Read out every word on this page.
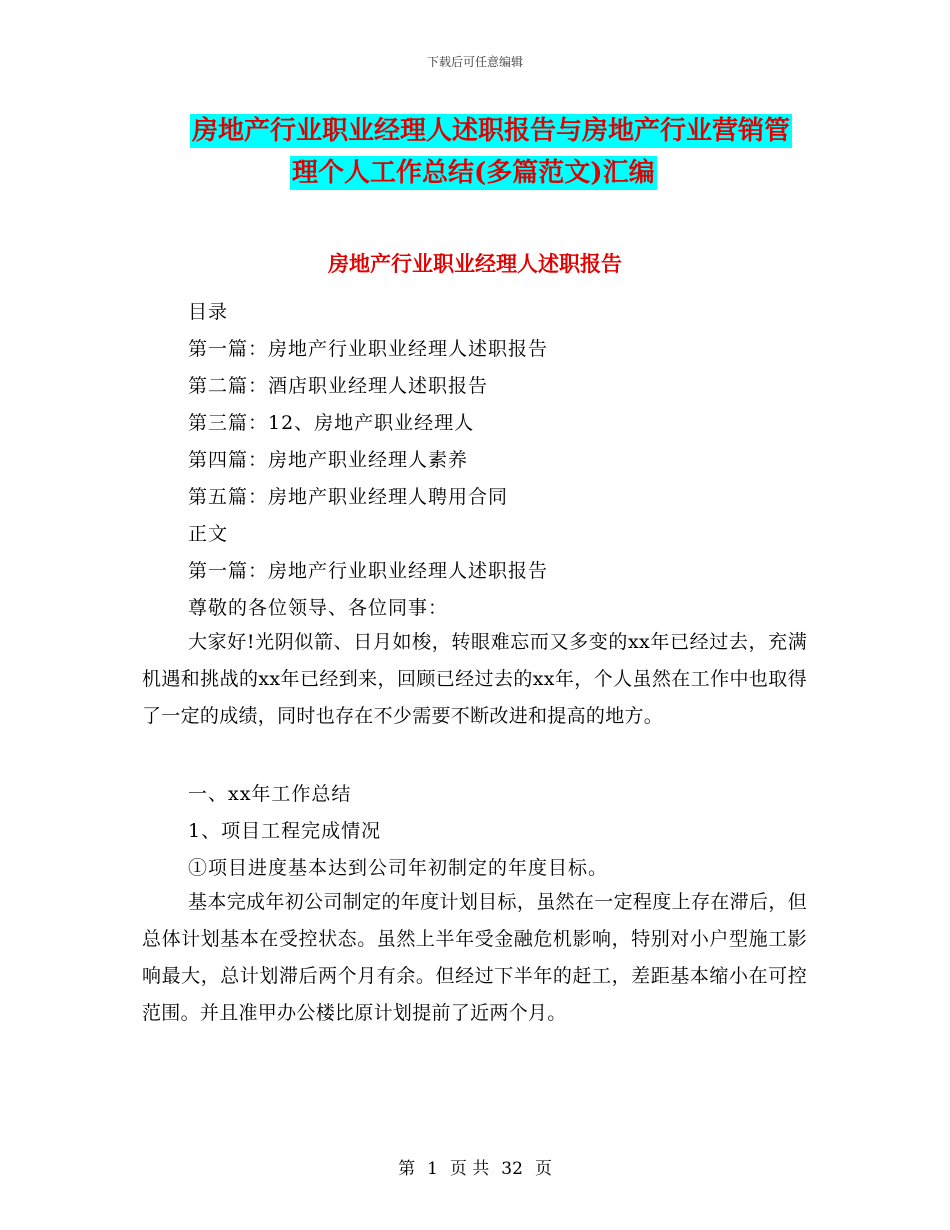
下载后可任意编辑
房地产行业职业经理人述职报告与房地产行业营销管
理个人工作总结(多篇范文)汇编
房地产行业职业经理人述职报告
目录
第一篇：房地产行业职业经理人述职报告
第二篇：酒店职业经理人述职报告
第三篇：12、房地产职业经理人
第四篇：房地产职业经理人素养
第五篇：房地产职业经理人聘用合同
正文
第一篇：房地产行业职业经理人述职报告
尊敬的各位领导、各位同事：
大家好!光阴似箭、日月如梭，转眼难忘而又多变的xx年已经过去，充满机遇和挑战的xx年已经到来，回顾已经过去的xx年，个人虽然在工作中也取得了一定的成绩，同时也存在不少需要不断改进和提高的地方。
一、xx年工作总结
1、项目工程完成情况
①项目进度基本达到公司年初制定的年度目标。
基本完成年初公司制定的年度计划目标，虽然在一定程度上存在滞后，但总体计划基本在受控状态。虽然上半年受金融危机影响，特别对小户型施工影响最大，总计划滞后两个月有余。但经过下半年的赶工，差距基本缩小在可控范围。并且准甲办公楼比原计划提前了近两个月。
第 1 页 共 32 页
